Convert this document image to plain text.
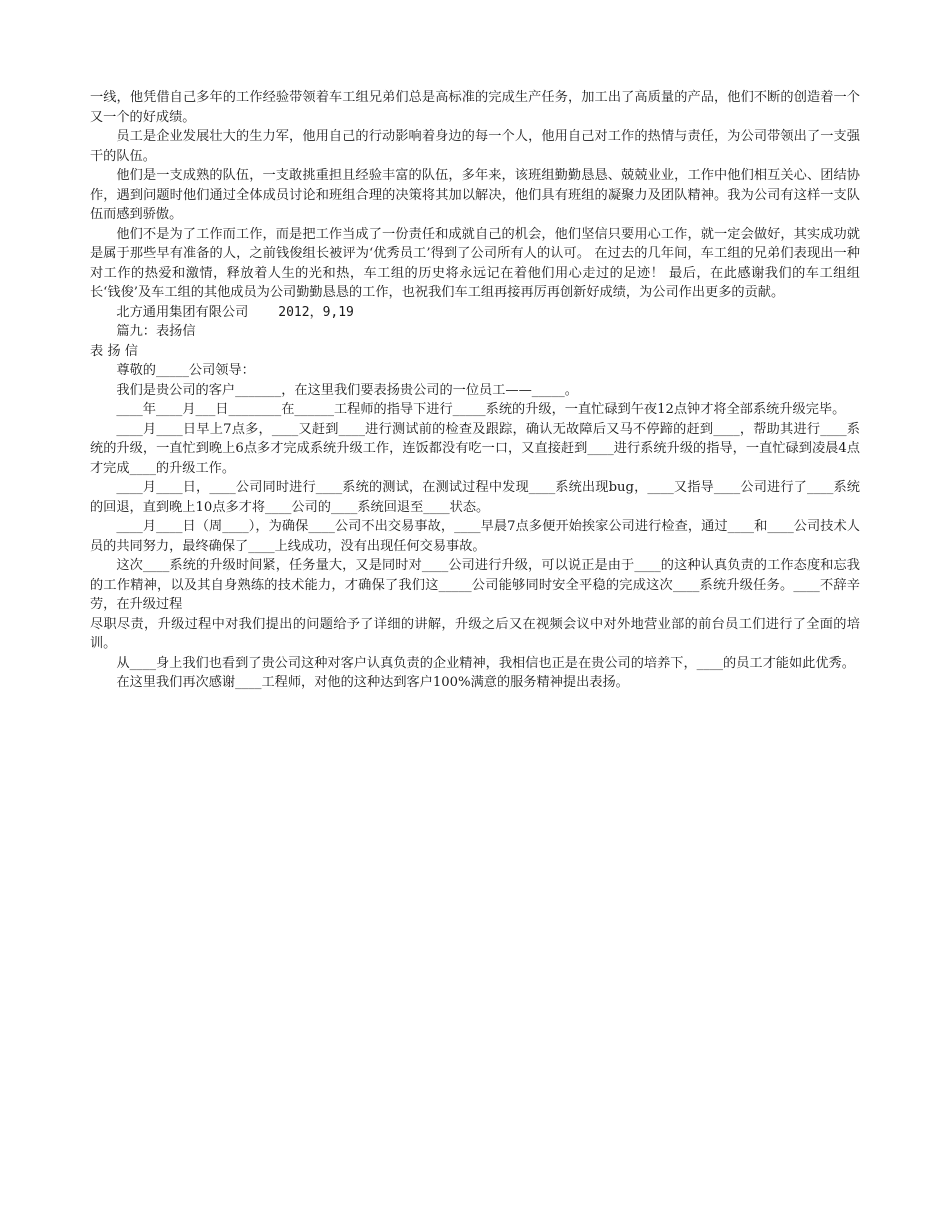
一线，他凭借自己多年的工作经验带领着车工组兄弟们总是高标准的完成生产任务，加工出了高质量的产品，他们不断的创造着一个又一个的好成绩。

员工是企业发展壮大的生力军，他用自己的行动影响着身边的每一个人，他用自己对工作的热情与责任，为公司带领出了一支强干的队伍。

他们是一支成熟的队伍，一支敢挑重担且经验丰富的队伍，多年来，该班组勤勤恳恳、兢兢业业，工作中他们相互关心、团结协作，遇到问题时他们通过全体成员讨论和班组合理的决策将其加以解决，他们具有班组的凝聚力及团队精神。我为公司有这样一支队伍而感到骄傲。

他们不是为了工作而工作，而是把工作当成了一份责任和成就自己的机会，他们坚信只要用心工作，就一定会做好，其实成功就是属于那些早有准备的人，之前钱俊组长被评为‘优秀员工’得到了公司所有人的认可。 在过去的几年间，车工组的兄弟们表现出一种对工作的热爱和激情，释放着人生的光和热，车工组的历史将永远记在着他们用心走过的足迹！ 最后，在此感谢我们的车工组组长‘钱俊’及车工组的其他成员为公司勤勤恳恳的工作，也祝我们车工组再接再厉再创新好成绩，为公司作出更多的贡献。

北方通用集团有限公司 2012，9,19

篇九：表扬信

表 扬 信

尊敬的_____公司领导：

我们是贵公司的客户_______，在这里我们要表扬贵公司的一位员工——_____。

____年____月___日________在______工程师的指导下进行_____系统的升级，一直忙碌到午夜12点钟才将全部系统升级完毕。

____月____日早上7点多，____又赶到____进行测试前的检查及跟踪，确认无故障后又马不停蹄的赶到____，帮助其进行____系统的升级，一直忙到晚上6点多才完成系统升级工作，连饭都没有吃一口，又直接赶到____进行系统升级的指导，一直忙碌到凌晨4点才完成____的升级工作。

____月____日，____公司同时进行____系统的测试，在测试过程中发现____系统出现bug，____又指导____公司进行了____系统的回退，直到晚上10点多才将____公司的____系统回退至____状态。

____月____日（周____），为确保____公司不出交易事故，____早晨7点多便开始挨家公司进行检查，通过____和____公司技术人员的共同努力，最终确保了____上线成功，没有出现任何交易事故。

这次____系统的升级时间紧，任务量大，又是同时对____公司进行升级，可以说正是由于____的这种认真负责的工作态度和忘我的工作精神，以及其自身熟练的技术能力，才确保了我们这_____公司能够同时安全平稳的完成这次____系统升级任务。____不辞辛劳，在升级过程

尽职尽责，升级过程中对我们提出的问题给予了详细的讲解，升级之后又在视频会议中对外地营业部的前台员工们进行了全面的培训。

从____身上我们也看到了贵公司这种对客户认真负责的企业精神，我相信也正是在贵公司的培养下，____的员工才能如此优秀。

在这里我们再次感谢____工程师，对他的这种达到客户100%满意的服务精神提出表扬。
